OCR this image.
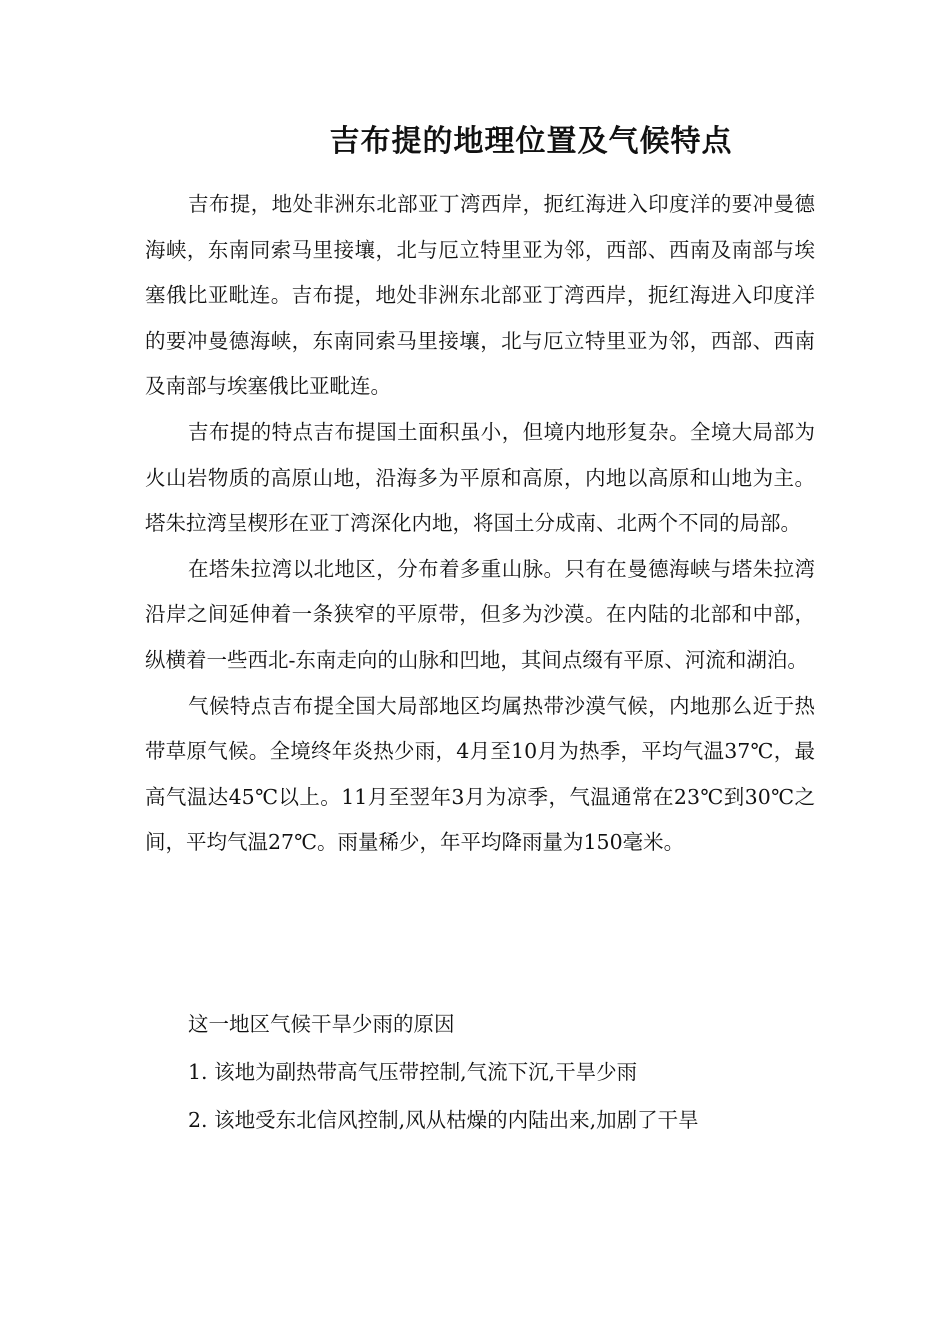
吉布提的地理位置及气候特点

吉布提，地处非洲东北部亚丁湾西岸，扼红海进入印度洋的要冲曼德海峡，东南同索马里接壤，北与厄立特里亚为邻，西部、西南及南部与埃塞俄比亚毗连。吉布提，地处非洲东北部亚丁湾西岸，扼红海进入印度洋的要冲曼德海峡，东南同索马里接壤，北与厄立特里亚为邻，西部、西南及南部与埃塞俄比亚毗连。

吉布提的特点吉布提国土面积虽小，但境内地形复杂。全境大局部为火山岩物质的高原山地，沿海多为平原和高原，内地以高原和山地为主。塔朱拉湾呈楔形在亚丁湾深化内地，将国土分成南、北两个不同的局部。

在塔朱拉湾以北地区，分布着多重山脉。只有在曼德海峡与塔朱拉湾沿岸之间延伸着一条狭窄的平原带，但多为沙漠。在内陆的北部和中部，纵横着一些西北-东南走向的山脉和凹地，其间点缀有平原、河流和湖泊。

气候特点吉布提全国大局部地区均属热带沙漠气候，内地那么近于热带草原气候。全境终年炎热少雨，4月至10月为热季，平均气温37℃，最高气温达45℃以上。11月至翌年3月为凉季，气温通常在23℃到30℃之间，平均气温27℃。雨量稀少，年平均降雨量为150毫米。

这一地区气候干旱少雨的原因

1. 该地为副热带高气压带控制,气流下沉,干旱少雨

2. 该地受东北信风控制,风从枯燥的内陆出来,加剧了干旱
